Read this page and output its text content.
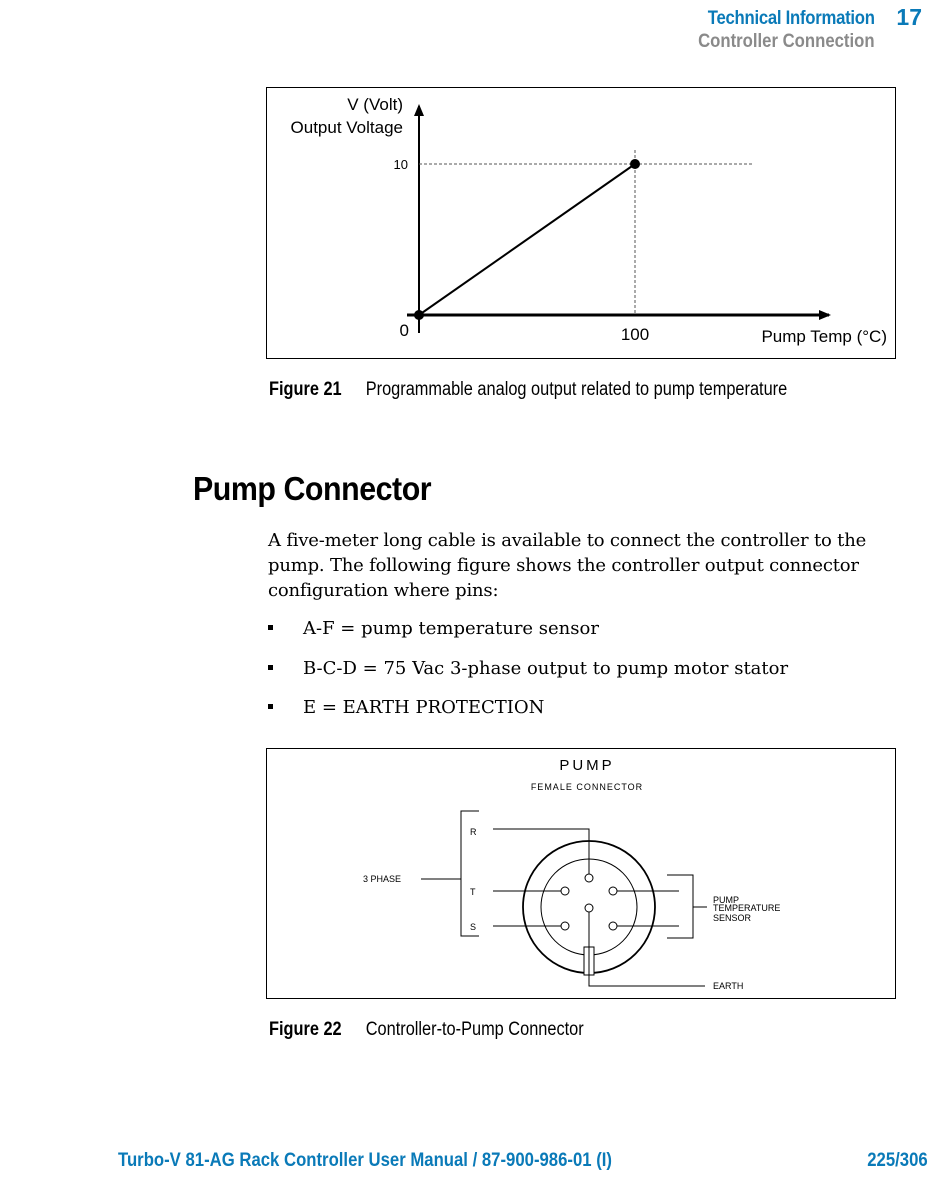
Technical Information 17
Controller Connection
V (Volt)
Output Voltage
10
0	100	Pump Temp (°C)
Figure 21 Programmable analog output related to pump temperature
Pump Connector
A five-meter long cable is available to connect the controller to the pump. The following figure shows the controller output connector configuration where pins:
A-F = pump temperature sensor
B-C-D = 75 Vac 3-phase output to pump motor stator
E = EARTH PROTECTION
PUMP
FEMALE CONNECTOR
3 PHASE
R
T
S
PUMP
TEMPERATURE
SENSOR
EARTH
Figure 22 Controller-to-Pump Connector
Turbo-V 81-AG Rack Controller User Manual / 87-900-986-01 (I)	225/306
